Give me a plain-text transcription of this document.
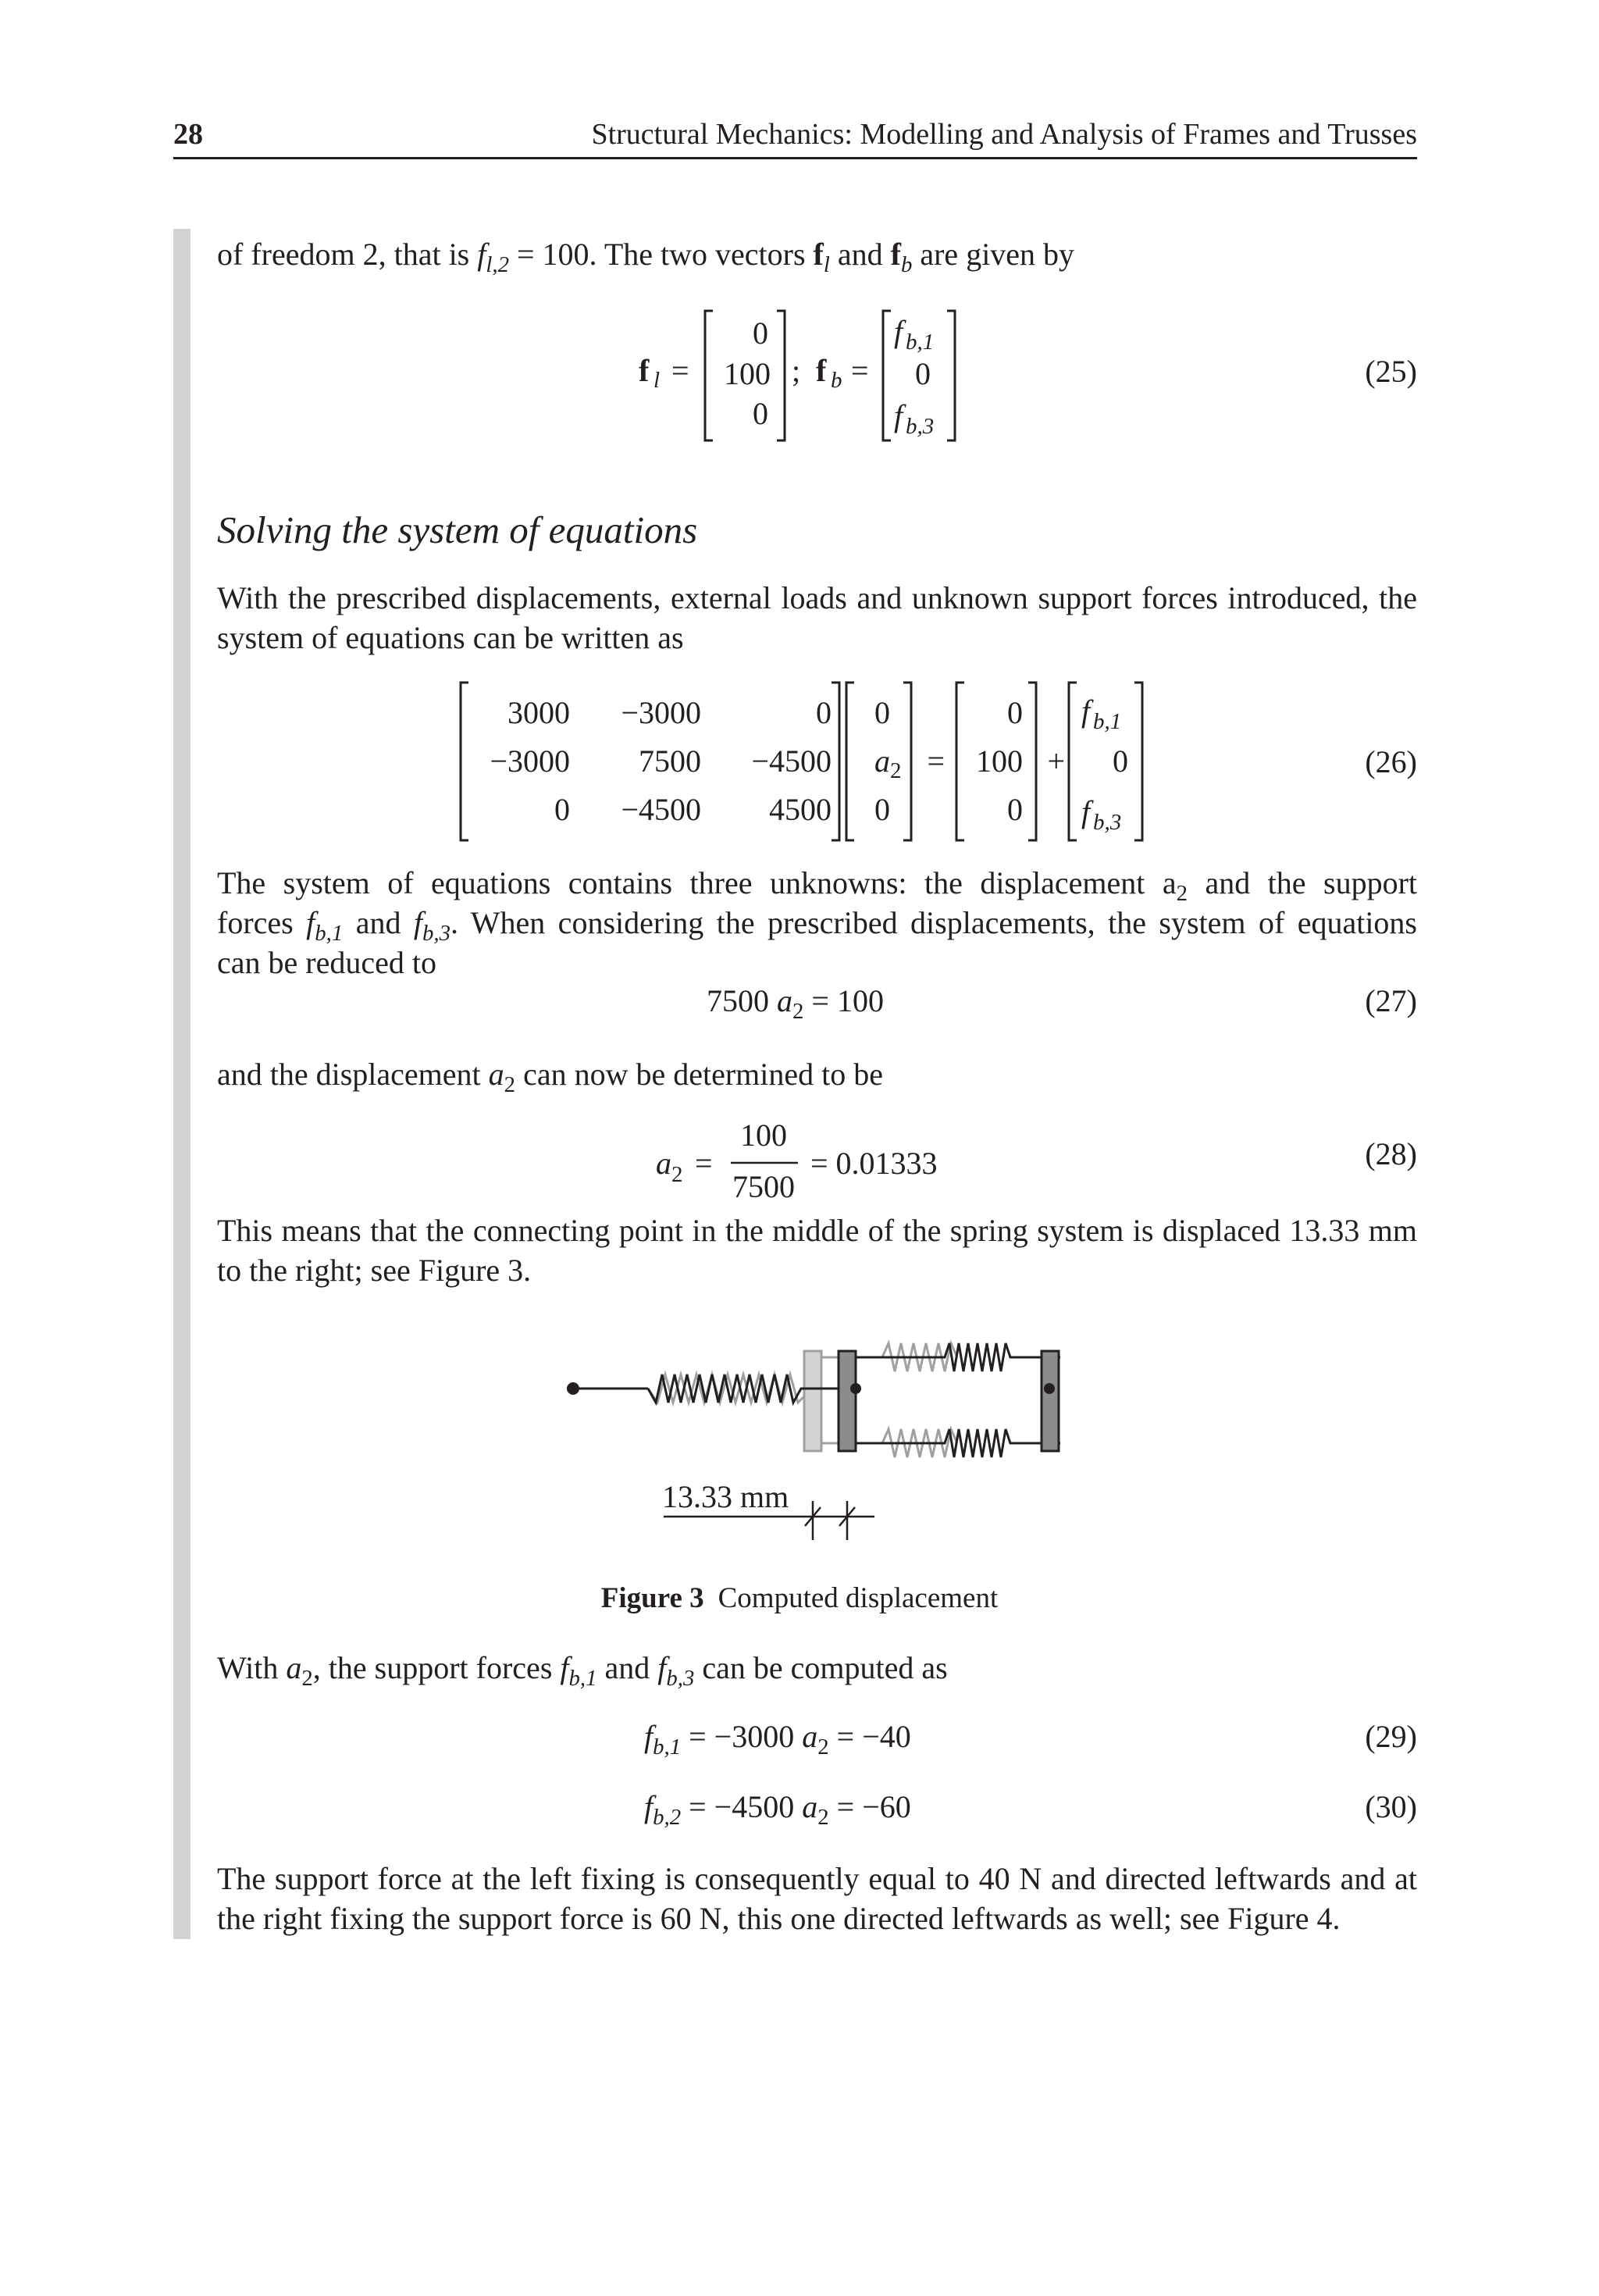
28	Structural Mechanics: Modelling and Analysis of Frames and Trusses
of freedom 2, that is $f_{l,2} = 100$. The two vectors $f_l$ and $f_b$ are given by
f l =
0
100
0
; f b =
f b,1
0
f b,3
(25)
Solving the system of equations
With the prescribed displacements, external loads and unknown support forces introduced, the system of equations can be written as
3000 −3000	0
−3000 7500 −4500
0 −4500 4500
0
a 2
0
=
0
100
0
+
f b,1
0
f b,3
(26)
The system of equations contains three unknowns: the displacement $a_2$ and the support
forces $f_{b,1}$ and $f_{b,3}$. When considering the prescribed displacements, the system of equations
can be reduced to
7500 $a_2 = 100$	(27)
and the displacement $a_2$ can now be determined to be
a 2 =
100
7500
= 0.01333	(28)
This means that the connecting point in the middle of the spring system is displaced 13.33 mm to the right; see Figure 3.
13.33 mm
Figure 3 Computed displacement
With $a_2$, the support forces $f_{b,1}$ and $f_{b,3}$ can be computed as
$f_{b,1} = -3000$ $a_2 = -40$	(29)
$f_{b,2} = -4500$ $a_2 = -60$	(30)
The support force at the left fixing is consequently equal to 40 N and directed leftwards and at the right fixing the support force is 60 N, this one directed leftwards as well; see Figure 4.
